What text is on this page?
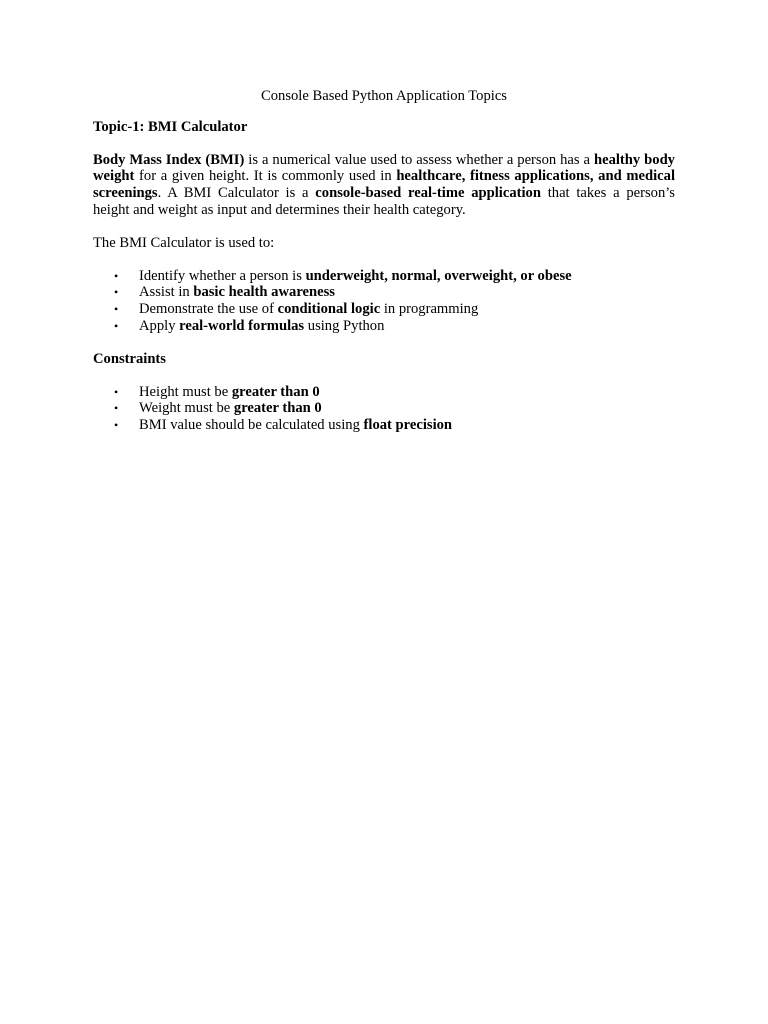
Console Based Python Application Topics

Topic-1: BMI Calculator

Body Mass Index (BMI) is a numerical value used to assess whether a person has a healthy body weight for a given height. It is commonly used in healthcare, fitness applications, and medical screenings. A BMI Calculator is a console-based real-time application that takes a person’s height and weight as input and determines their health category.

The BMI Calculator is used to:

• Identify whether a person is underweight, normal, overweight, or obese
• Assist in basic health awareness
• Demonstrate the use of conditional logic in programming
• Apply real-world formulas using Python

Constraints

• Height must be greater than 0
• Weight must be greater than 0
• BMI value should be calculated using float precision
